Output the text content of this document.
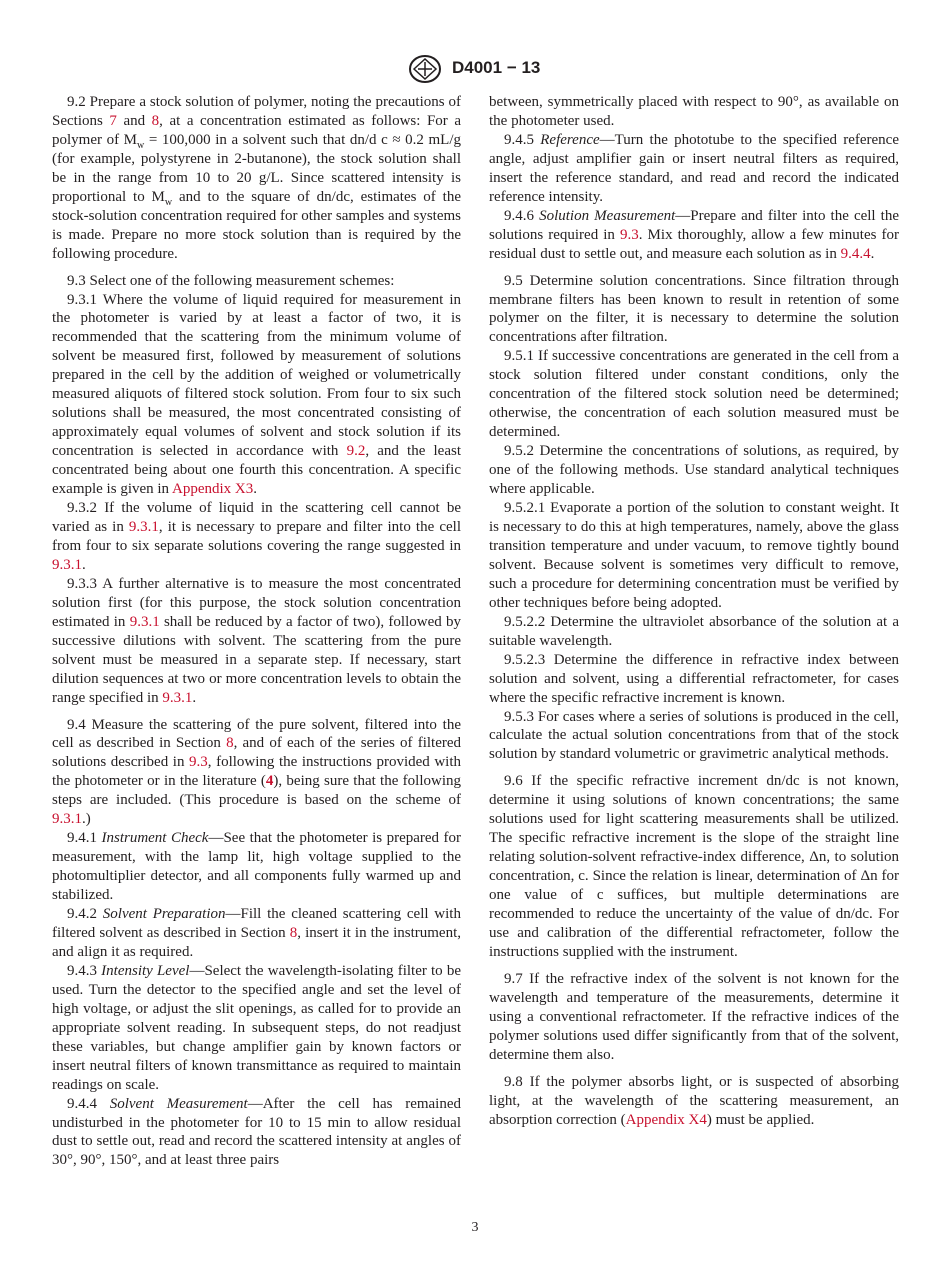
D4001 − 13

9.2 Prepare a stock solution of polymer, noting the precautions of Sections 7 and 8, at a concentration estimated as follows: For a polymer of $M_w = 100,000$ in a solvent such that dn/d c ≈ 0.2 mL/g (for example, polystyrene in 2-butanone), the stock solution shall be in the range from 10 to 20 g/L. Since scattered intensity is proportional to $M_w$ and to the square of dn/dc, estimates of the stock-solution concentration required for other samples and systems is made. Prepare no more stock solution than is required by the following procedure.

9.3 Select one of the following measurement schemes:

9.3.1 Where the volume of liquid required for measurement in the photometer is varied by at least a factor of two, it is recommended that the scattering from the minimum volume of solvent be measured first, followed by measurement of solutions prepared in the cell by the addition of weighed or volumetrically measured aliquots of filtered stock solution. From four to six such solutions shall be measured, the most concentrated consisting of approximately equal volumes of solvent and stock solution if its concentration is selected in accordance with 9.2, and the least concentrated being about one fourth this concentration. A specific example is given in Appendix X3.

9.3.2 If the volume of liquid in the scattering cell cannot be varied as in 9.3.1, it is necessary to prepare and filter into the cell from four to six separate solutions covering the range suggested in 9.3.1.

9.3.3 A further alternative is to measure the most concentrated solution first (for this purpose, the stock solution concentration estimated in 9.3.1 shall be reduced by a factor of two), followed by successive dilutions with solvent. The scattering from the pure solvent must be measured in a separate step. If necessary, start dilution sequences at two or more concentration levels to obtain the range specified in 9.3.1.

9.4 Measure the scattering of the pure solvent, filtered into the cell as described in Section 8, and of each of the series of filtered solutions described in 9.3, following the instructions provided with the photometer or in the literature (4), being sure that the following steps are included. (This procedure is based on the scheme of 9.3.1.)

9.4.1 Instrument Check—See that the photometer is prepared for measurement, with the lamp lit, high voltage supplied to the photomultiplier detector, and all components fully warmed up and stabilized.

9.4.2 Solvent Preparation—Fill the cleaned scattering cell with filtered solvent as described in Section 8, insert it in the instrument, and align it as required.

9.4.3 Intensity Level—Select the wavelength-isolating filter to be used. Turn the detector to the specified angle and set the level of high voltage, or adjust the slit openings, as called for to provide an appropriate solvent reading. In subsequent steps, do not readjust these variables, but change amplifier gain by known factors or insert neutral filters of known transmittance as required to maintain readings on scale.

9.4.4 Solvent Measurement—After the cell has remained undisturbed in the photometer for 10 to 15 min to allow residual dust to settle out, read and record the scattered intensity at angles of 30°, 90°, 150°, and at least three pairs

between, symmetrically placed with respect to 90°, as available on the photometer used.

9.4.5 Reference—Turn the phototube to the specified reference angle, adjust amplifier gain or insert neutral filters as required, insert the reference standard, and read and record the indicated reference intensity.

9.4.6 Solution Measurement—Prepare and filter into the cell the solutions required in 9.3. Mix thoroughly, allow a few minutes for residual dust to settle out, and measure each solution as in 9.4.4.

9.5 Determine solution concentrations. Since filtration through membrane filters has been known to result in retention of some polymer on the filter, it is necessary to determine the solution concentrations after filtration.

9.5.1 If successive concentrations are generated in the cell from a stock solution filtered under constant conditions, only the concentration of the filtered stock solution need be determined; otherwise, the concentration of each solution measured must be determined.

9.5.2 Determine the concentrations of solutions, as required, by one of the following methods. Use standard analytical techniques where applicable.

9.5.2.1 Evaporate a portion of the solution to constant weight. It is necessary to do this at high temperatures, namely, above the glass transition temperature and under vacuum, to remove tightly bound solvent. Because solvent is sometimes very difficult to remove, such a procedure for determining concentration must be verified by other techniques before being adopted.

9.5.2.2 Determine the ultraviolet absorbance of the solution at a suitable wavelength.

9.5.2.3 Determine the difference in refractive index between solution and solvent, using a differential refractometer, for cases where the specific refractive increment is known.

9.5.3 For cases where a series of solutions is produced in the cell, calculate the actual solution concentrations from that of the stock solution by standard volumetric or gravimetric analytical methods.

9.6 If the specific refractive increment dn/dc is not known, determine it using solutions of known concentrations; the same solutions used for light scattering measurements shall be utilized. The specific refractive increment is the slope of the straight line relating solution-solvent refractive-index difference, Δn, to solution concentration, c. Since the relation is linear, determination of Δn for one value of c suffices, but multiple determinations are recommended to reduce the uncertainty of the value of dn/dc. For use and calibration of the differential refractometer, follow the instructions supplied with the instrument.

9.7 If the refractive index of the solvent is not known for the wavelength and temperature of the measurements, determine it using a conventional refractometer. If the refractive indices of the polymer solutions used differ significantly from that of the solvent, determine them also.

9.8 If the polymer absorbs light, or is suspected of absorbing light, at the wavelength of the scattering measurement, an absorption correction (Appendix X4) must be applied.

3
